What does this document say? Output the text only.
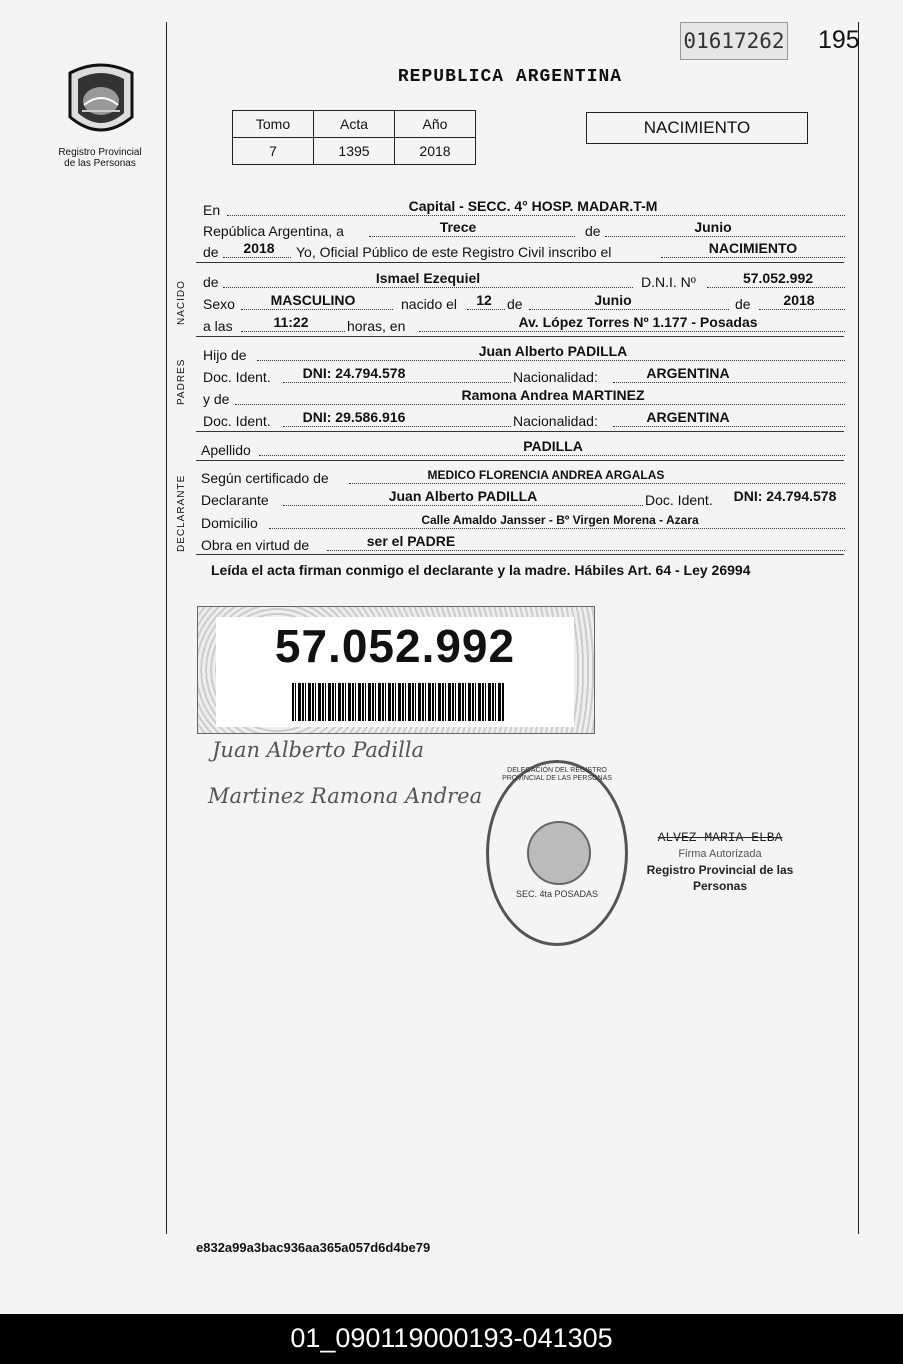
01617262 195
Registro Provincial
de las Personas
REPUBLICA ARGENTINA
Tomo	Acta	Año
7	1395	2018
NACIMIENTO
En	Capital - SECC. 4° HOSP. MADAR.T-M
República Argentina, a	Trece	de	Junio
de	2018	Yo, Oficial Público de este Registro Civil inscribo el	NACIMIENTO
NACIDO de	Ismael Ezequiel	D.N.I. Nº	57.052.992
Sexo	MASCULINO	nacido el	12	de	Junio	de	2018
a las	11:22	horas, en	Av. López Torres Nº 1.177 - Posadas
PADRES
Hijo de	Juan Alberto PADILLA
Doc. Ident.	DNI: 24.794.578	Nacionalidad:	ARGENTINA
y de	Ramona Andrea MARTINEZ
Doc. Ident.	DNI: 29.586.916	Nacionalidad:	ARGENTINA
Apellido	PADILLA
DECLARANTE Según certificado de	MEDICO FLORENCIA ANDREA ARGALAS
Declarante	Juan Alberto PADILLA	Doc. Ident.	DNI: 24.794.578
Domicilio	Calle Amaldo Jansser - Bº Virgen Morena - Azara
Obra en virtud de	ser el PADRE
Leída el acta firman conmigo el declarante y la madre. Hábiles Art. 64 - Ley 26994
57.052.992
Juan Alberto Padilla
Martinez Ramona Andrea
DELEGACIÓN DEL REGISTRO PROVINCIAL DE LAS PERSONAS
SEC. 4ta POSADAS
ALVEZ MARIA ELBA
Firma Autorizada
Registro Provincial de las Personas
e832a99a3bac936aa365a057d6d4be79
01_090119000193-041305
